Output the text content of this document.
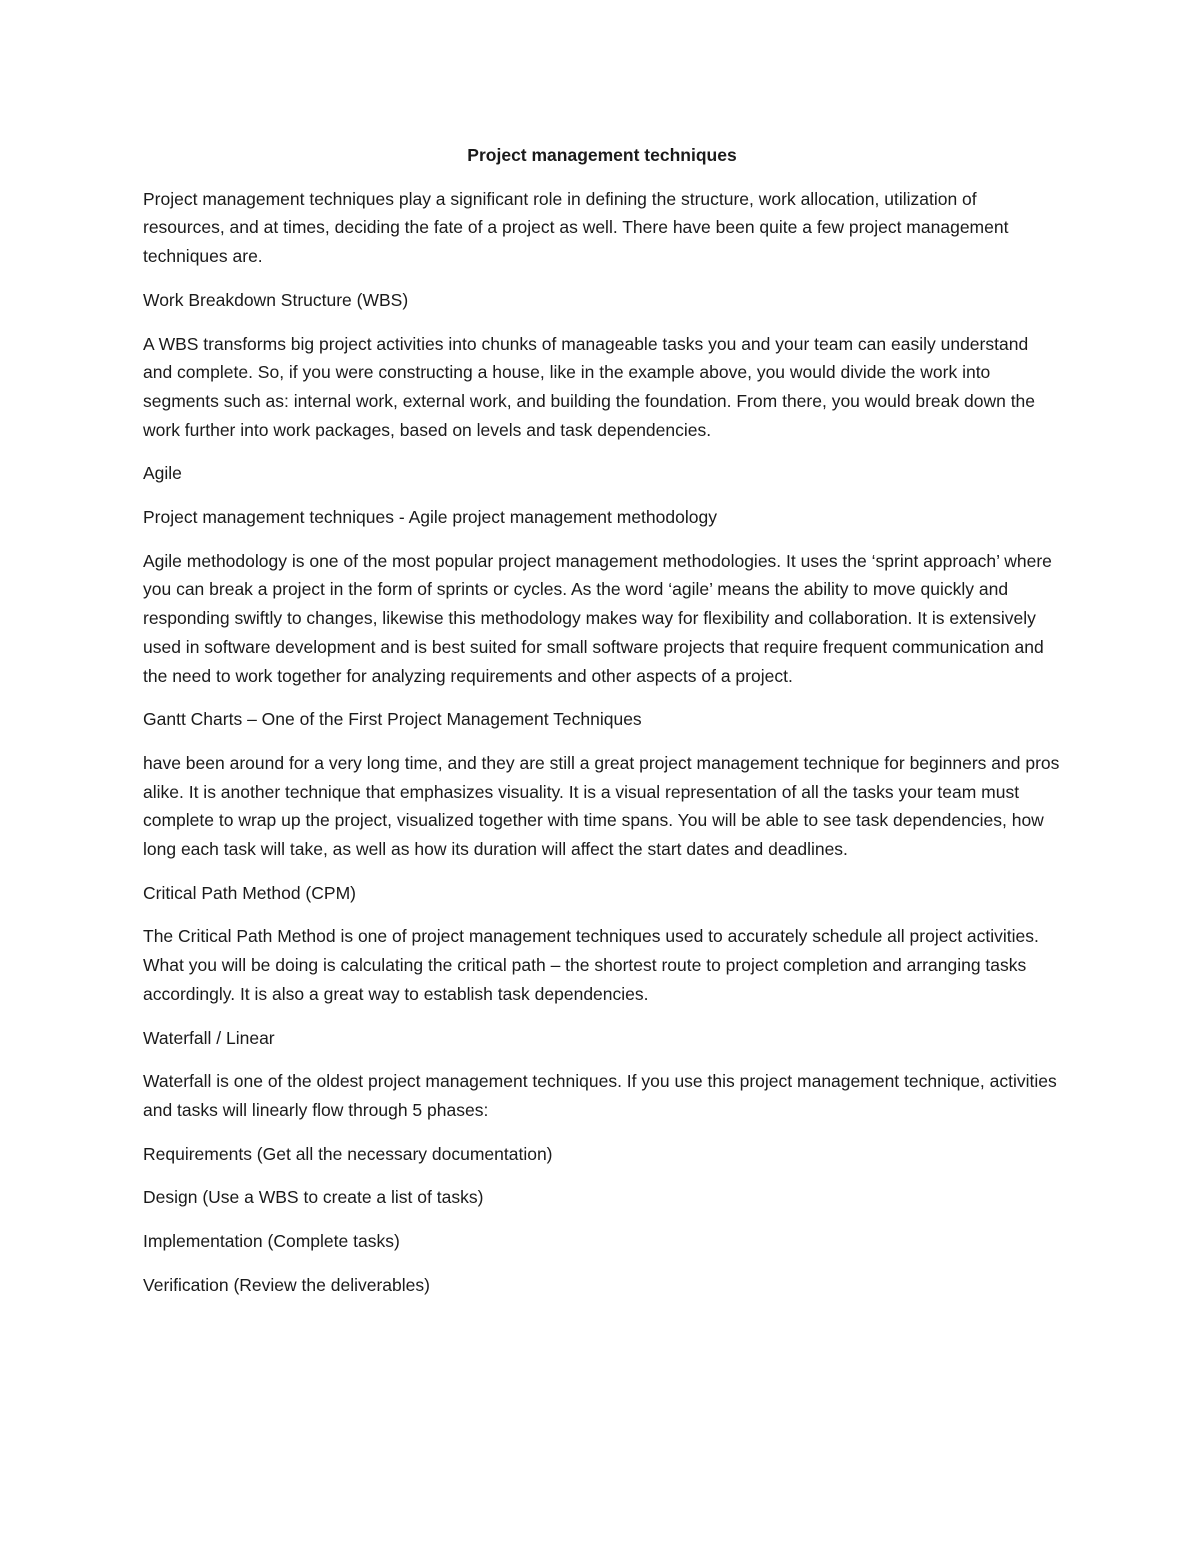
Project management techniques

Project management techniques play a significant role in defining the structure, work allocation, utilization of resources, and at times, deciding the fate of a project as well. There have been quite a few project management techniques are.

Work Breakdown Structure (WBS)

A WBS transforms big project activities into chunks of manageable tasks you and your team can easily understand and complete. So, if you were constructing a house, like in the example above, you would divide the work into segments such as: internal work, external work, and building the foundation. From there, you would break down the work further into work packages, based on levels and task dependencies.

Agile
Project management techniques - Agile project management methodology

Agile methodology is one of the most popular project management methodologies. It uses the ‘sprint approach’ where you can break a project in the form of sprints or cycles. As the word ‘agile’ means the ability to move quickly and responding swiftly to changes, likewise this methodology makes way for flexibility and collaboration. It is extensively used in software development and is best suited for small software projects that require frequent communication and the need to work together for analyzing requirements and other aspects of a project.

Gantt Charts – One of the First Project Management Techniques

have been around for a very long time, and they are still a great project management technique for beginners and pros alike. It is another technique that emphasizes visuality. It is a visual representation of all the tasks your team must complete to wrap up the project, visualized together with time spans. You will be able to see task dependencies, how long each task will take, as well as how its duration will affect the start dates and deadlines.

Critical Path Method (CPM)

The Critical Path Method is one of project management techniques used to accurately schedule all project activities. What you will be doing is calculating the critical path – the shortest route to project completion and arranging tasks accordingly. It is also a great way to establish task dependencies.

Waterfall / Linear

Waterfall is one of the oldest project management techniques. If you use this project management technique, activities and tasks will linearly flow through 5 phases:

Requirements (Get all the necessary documentation)

Design (Use a WBS to create a list of tasks)

Implementation (Complete tasks)

Verification (Review the deliverables)
